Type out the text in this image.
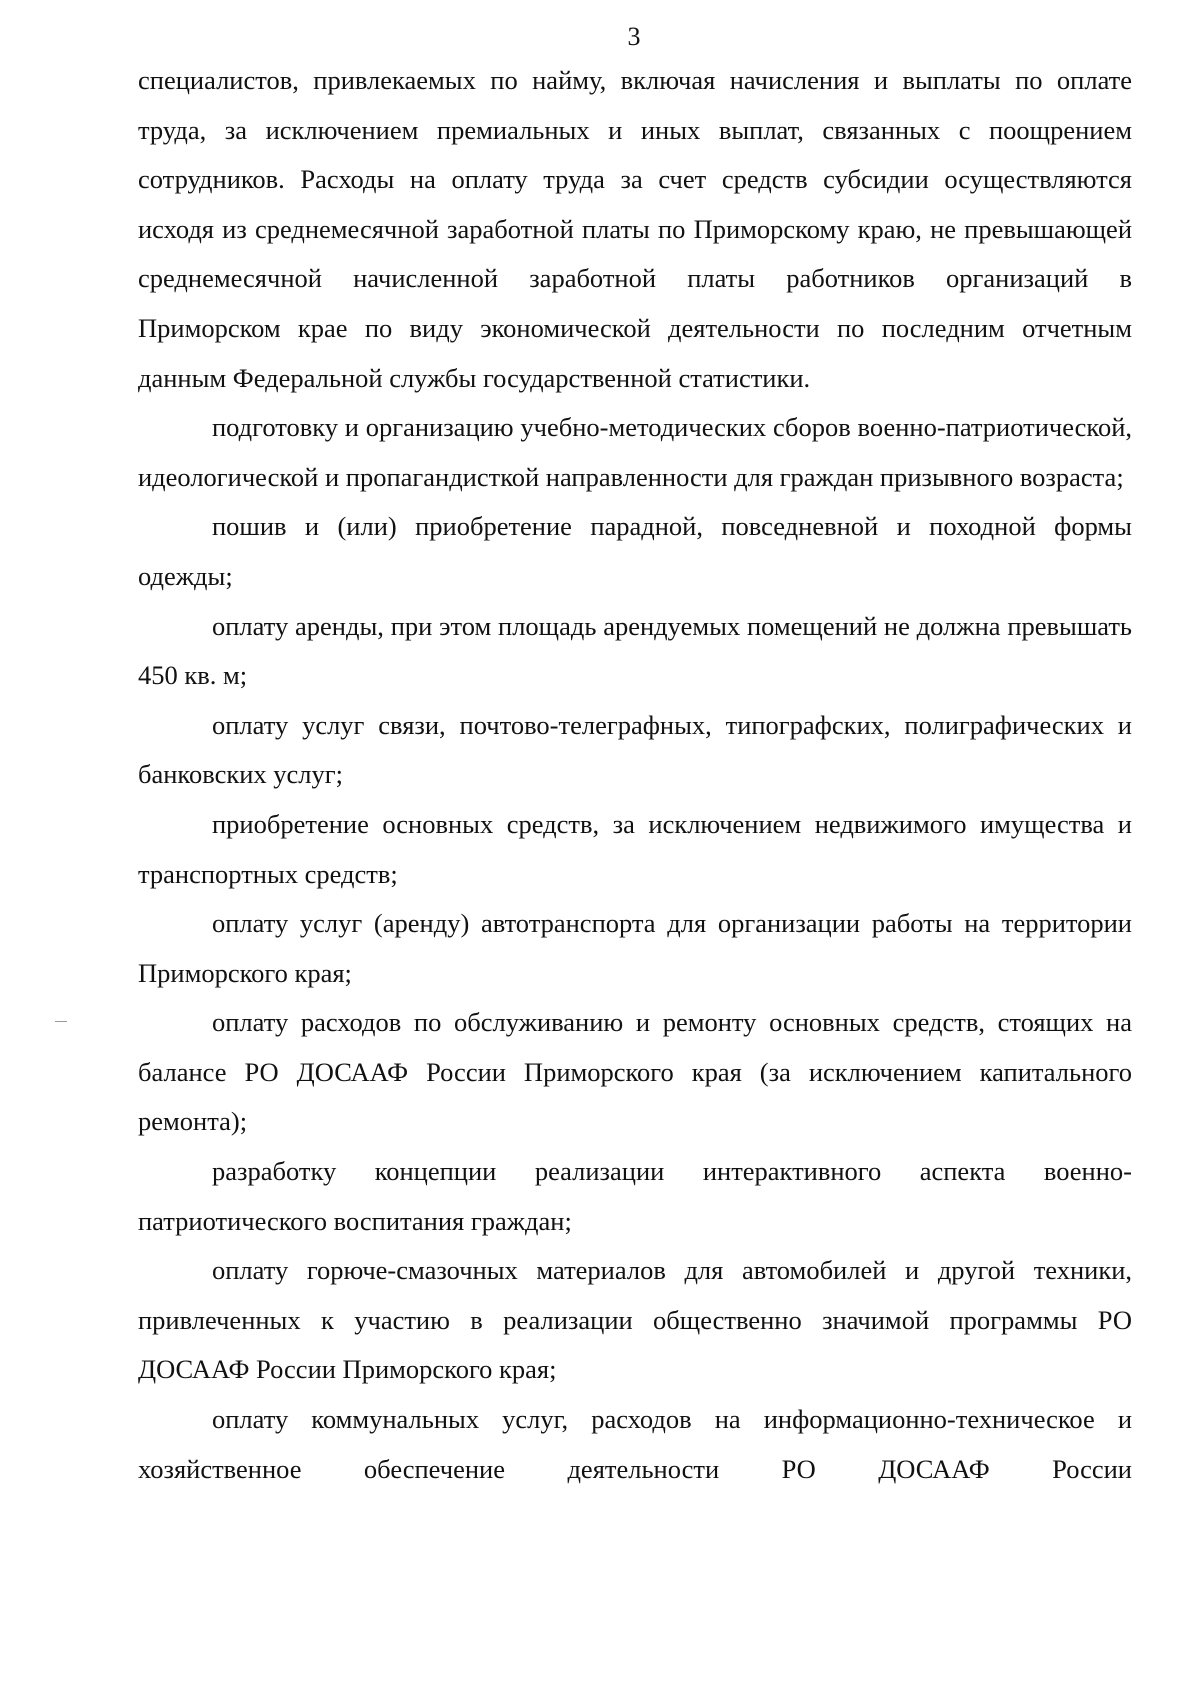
3

специалистов, привлекаемых по найму, включая начисления и выплаты по оплате труда, за исключением премиальных и иных выплат, связанных с поощрением сотрудников. Расходы на оплату труда за счет средств субсидии осуществляются исходя из среднемесячной заработной платы по Приморскому краю, не превышающей среднемесячной начисленной заработной платы работников организаций в Приморском крае по виду экономической деятельности по последним отчетным данным Федеральной службы государственной статистики.

подготовку и организацию учебно-методических сборов военно-патриотической, идеологической и пропагандисткой направленности для граждан призывного возраста;

пошив и (или) приобретение парадной, повседневной и походной формы одежды;

оплату аренды, при этом площадь арендуемых помещений не должна превышать 450 кв. м;

оплату услуг связи, почтово-телеграфных, типографских, полиграфических и банковских услуг;

приобретение основных средств, за исключением недвижимого имущества и транспортных средств;

оплату услуг (аренду) автотранспорта для организации работы на территории Приморского края;

оплату расходов по обслуживанию и ремонту основных средств, стоящих на балансе РО ДОСААФ России Приморского края (за исключением капитального ремонта);

разработку концепции реализации интерактивного аспекта военно-патриотического воспитания граждан;

оплату горюче-смазочных материалов для автомобилей и другой техники, привлеченных к участию в реализации общественно значимой программы РО ДОСААФ России Приморского края;

оплату коммунальных услуг, расходов на информационно-техническое и хозяйственное обеспечение деятельности РО ДОСААФ России
